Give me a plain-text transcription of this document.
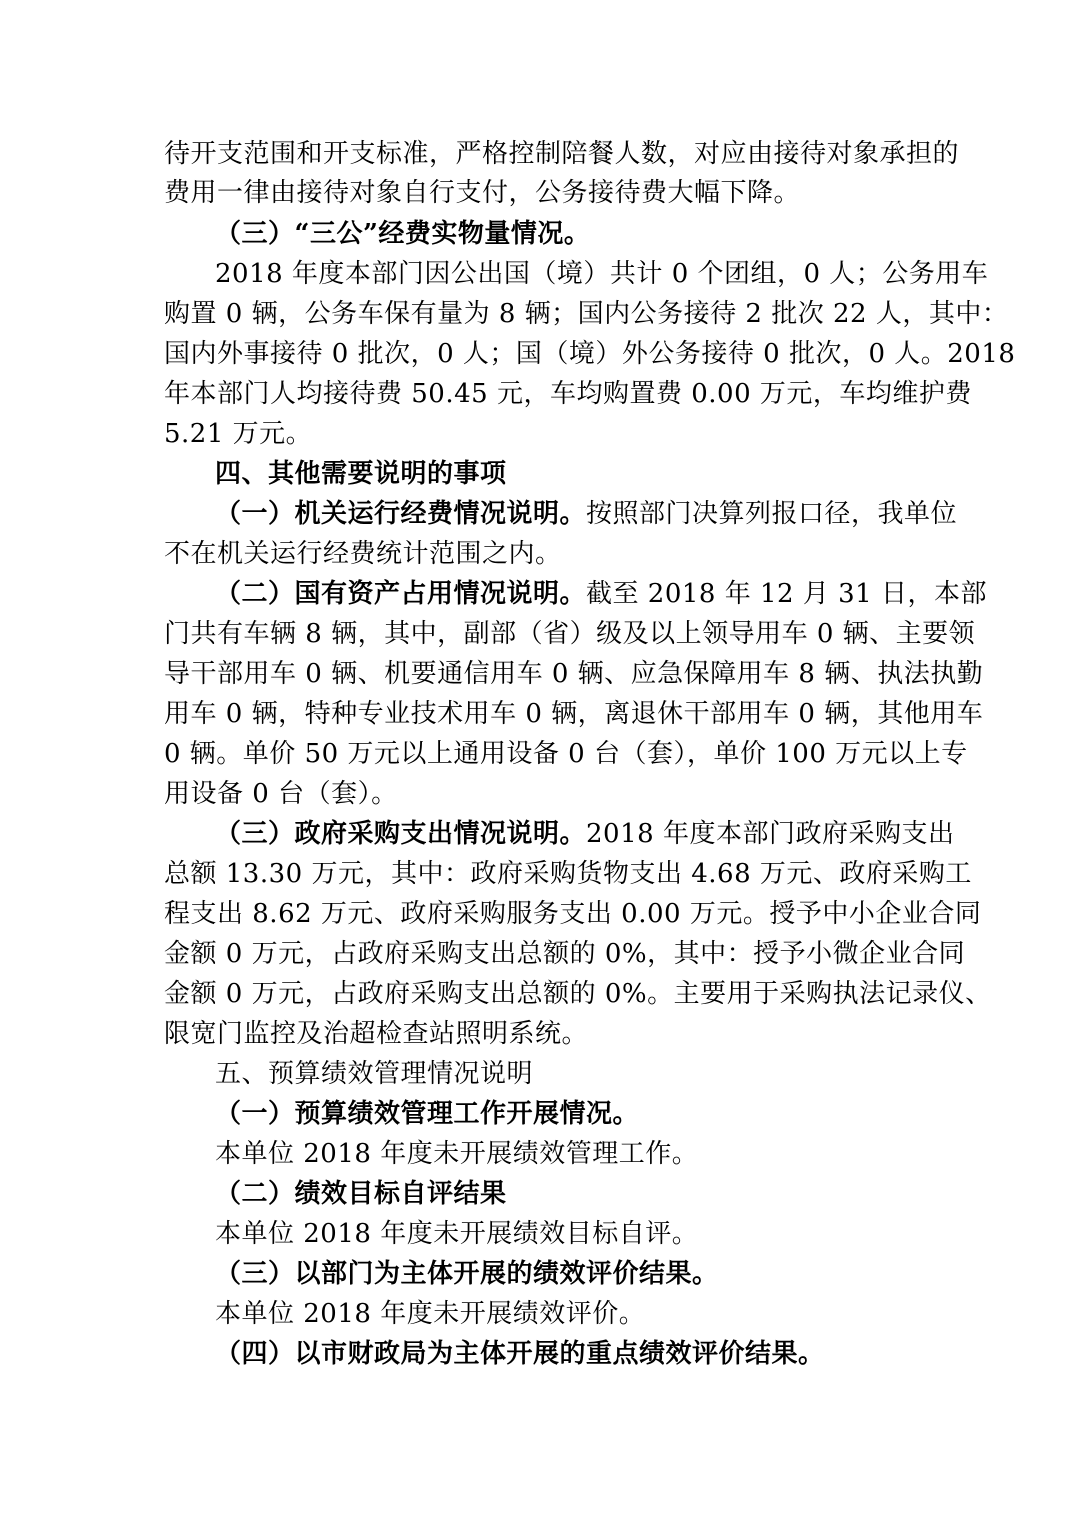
待开支范围和开支标准，严格控制陪餐人数，对应由接待对象承担的
费用一律由接待对象自行支付，公务接待费大幅下降。
（三）“三公”经费实物量情况。
2018 年度本部门因公出国（境）共计 0 个团组，0 人；公务用车
购置 0 辆，公务车保有量为 8 辆；国内公务接待 2 批次 22 人，其中：
国内外事接待 0 批次，0 人；国（境）外公务接待 0 批次，0 人。2018
年本部门人均接待费 50.45 元，车均购置费 0.00 万元，车均维护费
5.21 万元。
四、其他需要说明的事项
（一）机关运行经费情况说明。按照部门决算列报口径，我单位
不在机关运行经费统计范围之内。
（二）国有资产占用情况说明。截至 2018 年 12 月 31 日，本部
门共有车辆 8 辆，其中，副部（省）级及以上领导用车 0 辆、主要领
导干部用车 0 辆、机要通信用车 0 辆、应急保障用车 8 辆、执法执勤
用车 0 辆，特种专业技术用车 0 辆，离退休干部用车 0 辆，其他用车
0 辆。单价 50 万元以上通用设备 0 台（套），单价 100 万元以上专
用设备 0 台（套）。
（三）政府采购支出情况说明。2018 年度本部门政府采购支出
总额 13.30 万元，其中：政府采购货物支出 4.68 万元、政府采购工
程支出 8.62 万元、政府采购服务支出 0.00 万元。授予中小企业合同
金额 0 万元，占政府采购支出总额的 0%，其中：授予小微企业合同
金额 0 万元，占政府采购支出总额的 0%。主要用于采购执法记录仪、
限宽门监控及治超检查站照明系统。
五、预算绩效管理情况说明
（一）预算绩效管理工作开展情况。
本单位 2018 年度未开展绩效管理工作。
（二）绩效目标自评结果
本单位 2018 年度未开展绩效目标自评。
（三）以部门为主体开展的绩效评价结果。
本单位 2018 年度未开展绩效评价。
（四）以市财政局为主体开展的重点绩效评价结果。
